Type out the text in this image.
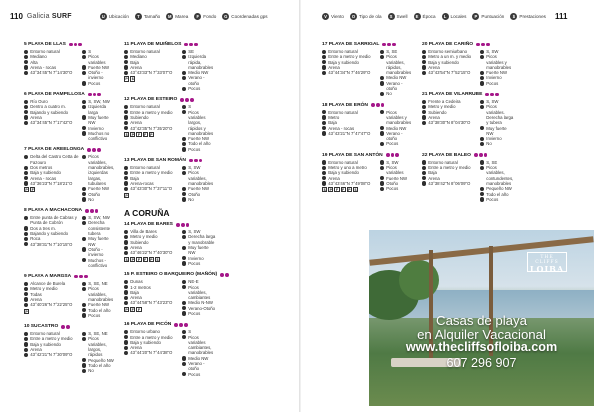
110 Galicia SURF	U Ubicación	T Tamaño	M Marea	F Fondo	G Coordenadas gps
5 PLAYA DE LLAS
Entorno natural
Mediano
Alta
Arena - rocas
43°34'45"N 7°14'30"O
S
Picos variables
Fuerte NW
Otoño - invierno
Pocos
6 PLAYA DE PAMPILLOSA
Río Ouro
Dentro a cuatro m.
Bajando y subiendo
Arena
43°34'45"N 7°17'42"O
S, SW, NW
Izquierda larga
Muy fuerte NW
Invierno
Muchos no conflictivo
7 PLAYA DE AREELONGA
Delta del Castro Cetta de Fazouro
Dos metros
Baja y subiendo
Arena - rocas
43°36'23"N 7°18'21"O
P	F
Picos variables, manobrables, izquierdas largas, tubulares
Fuerte NW
Otoño
No
8 PLAYA A MACHACONA
Entre punta de Cabras y Punta de Cobrón
Dos a tres m.
Bajando y subiendo
Roca
43°38'31"N 7°10'15"O
S, SW, NW
Derecha consistente tubera
Muy fuerte NW
Otoño - invierno
Muchos - conflictivo
9 PLAYA A MARGSA
Alcance de Burela
Metro y medio
Todas
Arena
43°40'26"N 7°22'25"O
P
S, SE, NE
Picos variables, manobrables
Fuerte NW
Todo el año
Pocos
10 SUCASTRO
Entorno natural
Entre a metro y medio
Baja y subiendo
Arena
43°42'21"N 7°30'09"O
S, SE, NE
Picos variables, largos, rápidos
Pequeño NW
Todo el año
No
11 PLAYA DE MUIÑELOS
Entorno natural
Mediano
Baja
Arena
43°43'33"N 7°33'07"O
P	$
SE
Izquierda rápida, manobrables
Medio NW
Verano - otoño
Pocos
12 PLAYA DE ESTEIRO
Entorno natural
Entre a metro y medio
Subiendo
Arena
43°42'35"N 7°35'20"O
$	P	F	F	P
S
Picos variables largos, rápidos y manobrables
Fuerte NW
Todo el año
Pocos
13 PLAYA DE SAN ROMÁN
Entorno natural
Entre a metro y medio
Baja
Arena-rocas
43°43'30"N 7°37'11"O
P
S, SW
Picos variables, manobrables
Fuerte NW
Otoño
No
A CORUÑA
14 PLAYA DE BARES
Villa de Bares
Metro y medio
Subiendo
Arena
43°46'22"N 7°40'30"O
$	P	F	F	P	$
S, SW
Derecha larga y manobrable
Muy fuerte NW
Invierno
Pocos
15 P. ESTEIRO O BARQUEIRO (MAÑÓN)
Dunas
1-2 metros
Baja
Arena
43°44'58"N 7°43'23"O
P	F	F
NE-E
Picos variables, cambiantes
Medio N-NW
Verano-Otoño
Pocos
16 PLAYA DE PICÓN
Entorno urbano
Entre a metro y medio
Baja y subiendo
Arena
43°44'20"N 7°44'38"O
S
Picos variables cambiantes, manobrables
Medio NW
Verano - otoño
Pocos
V Viento	O Tipo de ola	S Swell	E Época	L Locales	P Puntuación	$ Prestaciones 111
17 PLAYA DE SARRIGAL
Entorno natural
Entre a metro y medio
Baja y subiendo
Arena
43°44'34"N 7°46'29"O
S, SE
Picos variables, rápidos, manobrables
Medio NW
Verano - otoño
No
18 PLAYA DE ERÓN
Entorno natural
Metro
Baja
Arena - rocas
43°43'21"N 7°47'47"O
Picos variables y manobrables
Medio NW
Verano - otoño
Pocos
19 PLAYA DE SAN ANTÓN
Entorno natural
Metro y uno a metro
Baja y subiendo
Arena
43°43'46"N 7°49'08"O
$	P	F	F	P	$
S, SW
Picos variables
Fuerte NW
Otoño
Pocos
20 PLAYA DE CARIÑO
Entorno semiurbano
Metro a un m. y medio
Baja y subiendo
Arena
43°43'54"N 7°52'15"O
S, SW
Picos variables y manobrables
Fuerte NW
Invierno
Pocos
21 PLAYA DE VILARRUBE
Frente a Cedeira
Metro y medio
Subiendo
Arena
43°38'30"N 8°04'30"O
S, SW
Picos variables. Derecha larga y tubera
Muy fuerte NW
Invierno
No
22 PLAYA DE BALEO
Entorno natural
Entre a metro y medio
Baja
Arena
43°38'42"N 8°06'09"O
S, SE
Picos variables, contundentes, manobrables
Pequeño NW
Todo el año
Pocos
THE CLIFFS
LOIBA
Casas de playa
en Alquiler Vacacional
www.thecliffsofloiba.com
607 296 907
